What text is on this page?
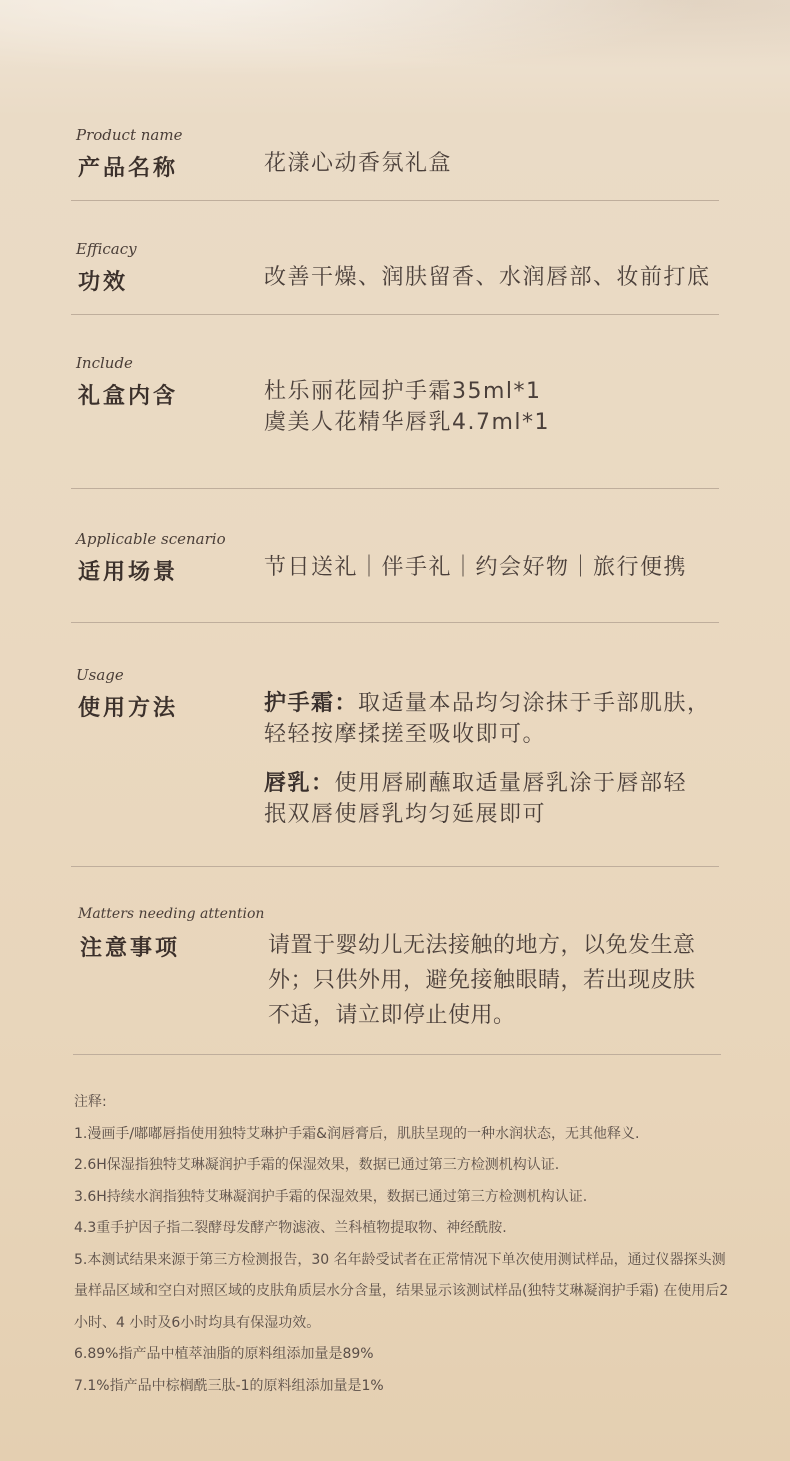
Product name
产品名称	花漾心动香氛礼盒
Efficacy
功效	改善干燥、润肤留香、水润唇部、妆前打底
Include
礼盒内含	杜乐丽花园护手霜35ml*1
虞美人花精华唇乳4.7ml*1
Applicable scenario
适用场景	节日送礼｜伴手礼｜约会好物｜旅行便携
Usage
使用方法	护手霜：取适量本品均匀涂抹于手部肌肤，轻轻按摩揉搓至吸收即可。
唇乳：使用唇刷蘸取适量唇乳涂于唇部轻抿双唇使唇乳均匀延展即可
Matters needing attention
注意事项	请置于婴幼儿无法接触的地方，以免发生意外；只供外用，避免接触眼睛，若出现皮肤不适，请立即停止使用。

注释:

1.漫画手/嘟嘟唇指使用独特艾琳护手霜&润唇膏后，肌肤呈现的一种水润状态，无其他释义.

2.6H保湿指独特艾琳凝润护手霜的保湿效果，数据已通过第三方检测机构认证.

3.6H持续水润指独特艾琳凝润护手霜的保湿效果，数据已通过第三方检测机构认证.

4.3重手护因子指二裂酵母发酵产物滤液、兰科植物提取物、神经酰胺.

5.本测试结果来源于第三方检测报告，30 名年龄受试者在正常情况下单次使用测试样品，通过仪器探头测量样品区域和空白对照区域的皮肤角质层水分含量，结果显示该测试样品(独特艾琳凝润护手霜) 在使用后2小时、4 小时及6小时均具有保湿功效。

6.89%指产品中植萃油脂的原料组添加量是89%

7.1%指产品中棕榈酰三肽-1的原料组添加量是1%
